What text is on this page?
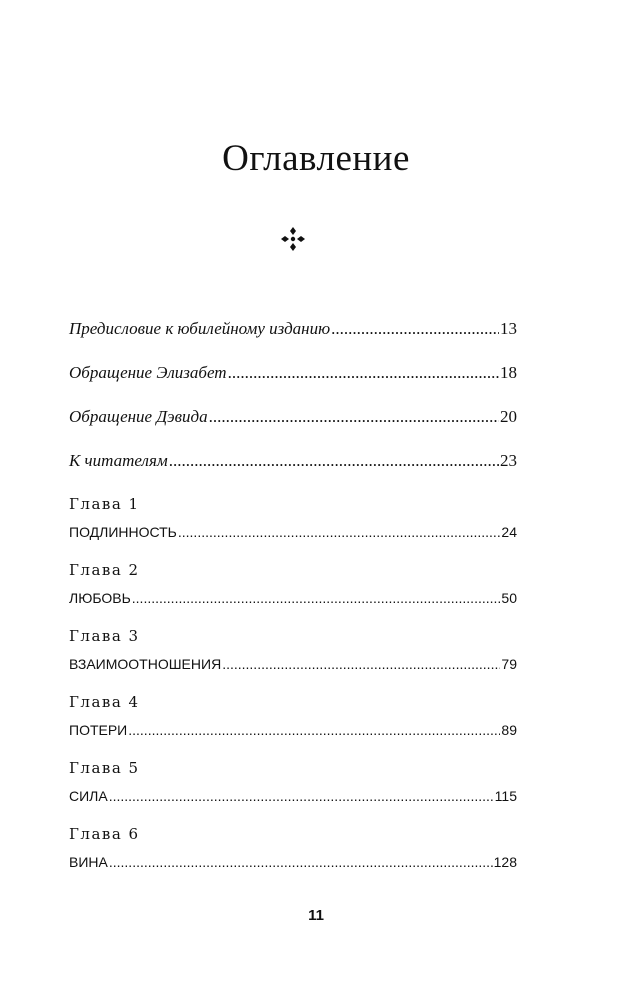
Оглавление
Предисловие к юбилейному изданию .....	13
Обращение Элизабет .....	18
Обращение Дэвида .....	20
К читателям .....	23
Глава 1
ПОДЛИННОСТЬ .....	24
Глава 2
ЛЮБОВЬ .....	50
Глава 3
ВЗАИМООТНОШЕНИЯ .....	79
Глава 4
ПОТЕРИ .....	89
Глава 5
СИЛА .....	115
Глава 6
ВИНА .....	128
11
